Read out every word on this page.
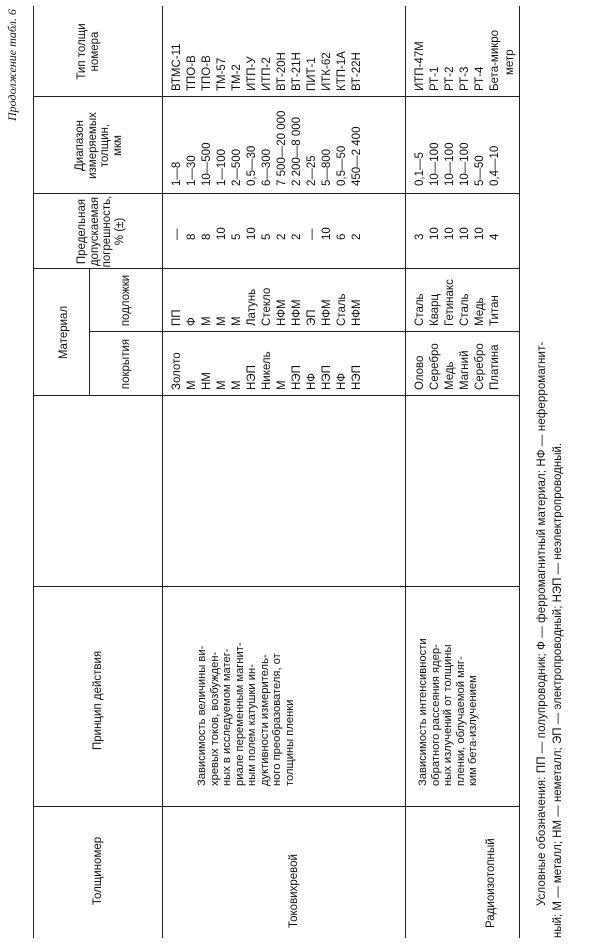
Продолжение табл. 6
Толщиномер
Принцип действия
Материал
покрытия
подложки
Предельная допускаемая погрешность, % (±)
Диапазон измеряемых толщин, мкм
Тип толщи номера
Токовихревой
Зависимость величины ви- хревых токов, возбужден- ных в исследуемом матег- риале переменным магнит- ным полем катушки ин- дуктивности измеритель- ного преобразователя, от толщины пленки
Золото М НМ М М НЭП Никель М НЭП НФ НЭП НФ НЭП
ПП Ф М М М Латунь Стекло НФМ НФМ ЭП НФМ Сталь НФМ
— 8 8 10 5 10 5 2 2 — 10 6 2
1—8 1—30 10—500 1—100 2—500 0,5—30 6—300 7 500—20 000 2 200—8 000 2—25 5—800 0,5—50 450—2 400
ВТМС-11 ТПО-В ТПО-В ТМ-57 ТМ-2 ИТП-У ИТП-2 ВТ-20Н ВТ-21Н ПИТ-1 ИТК-62 КТП-1А ВТ-22Н
Радиоизотопный
Зависимость интенсивности обратного рассеяния ядер- ных излучений от толщины пленки, облучаемой мяг- ким бета-излучением
Олово Серебро Медь Магний Серебро Платина
Сталь Кварц Гетинакс Сталь Медь Титан
3 10 10 10 10 4
0,1—5 10—100 10—100 10—100 5—50 0,4—10
ИТП-47М РТ-1 РТ-2 РТ-3 РТ-4 Бета-микро метр
Условные обозначения: ПП — полупроводник; Ф — ферромагнитный материал; НФ — неферромагнит- ный; М — металл; НМ — неметалл; ЭП — электропроводный; НЭП — неэлектропроводный.
